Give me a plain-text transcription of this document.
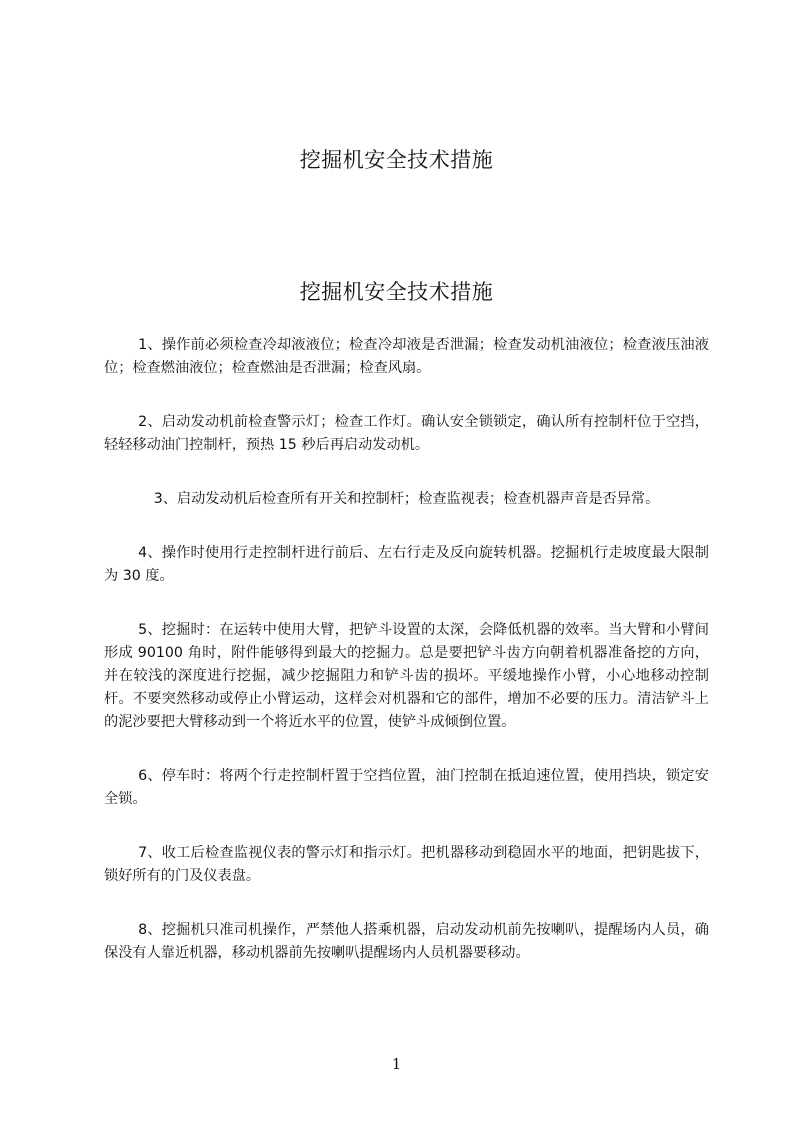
挖掘机安全技术措施
挖掘机安全技术措施

1、操作前必须检查冷却液液位；检查冷却液是否泄漏；检查发动机油液位；检查液压油液位；检查燃油液位；检查燃油是否泄漏；检查风扇。

2、启动发动机前检查警示灯；检查工作灯。确认安全锁锁定，确认所有控制杆位于空挡，轻轻移动油门控制杆，预热 15 秒后再启动发动机。

3、启动发动机后检查所有开关和控制杆；检查监视表；检查机器声音是否异常。

4、操作时使用行走控制杆进行前后、左右行走及反向旋转机器。挖掘机行走坡度最大限制为 30 度。

5、挖掘时：在运转中使用大臂，把铲斗设置的太深，会降低机器的效率。当大臂和小臂间形成 90100 角时，附件能够得到最大的挖掘力。总是要把铲斗齿方向朝着机器准备挖的方向，并在较浅的深度进行挖掘，减少挖掘阻力和铲斗齿的损坏。平缓地操作小臂，小心地移动控制杆。不要突然移动或停止小臂运动，这样会对机器和它的部件，增加不必要的压力。清洁铲斗上的泥沙要把大臂移动到一个将近水平的位置，使铲斗成倾倒位置。

6、停车时：将两个行走控制杆置于空挡位置，油门控制在抵迫速位置，使用挡块，锁定安全锁。

7、收工后检查监视仪表的警示灯和指示灯。把机器移动到稳固水平的地面，把钥匙拔下，锁好所有的门及仪表盘。

8、挖掘机只准司机操作，严禁他人搭乘机器，启动发动机前先按喇叭，提醒场内人员，确保没有人靠近机器，移动机器前先按喇叭提醒场内人员机器要移动。

1
